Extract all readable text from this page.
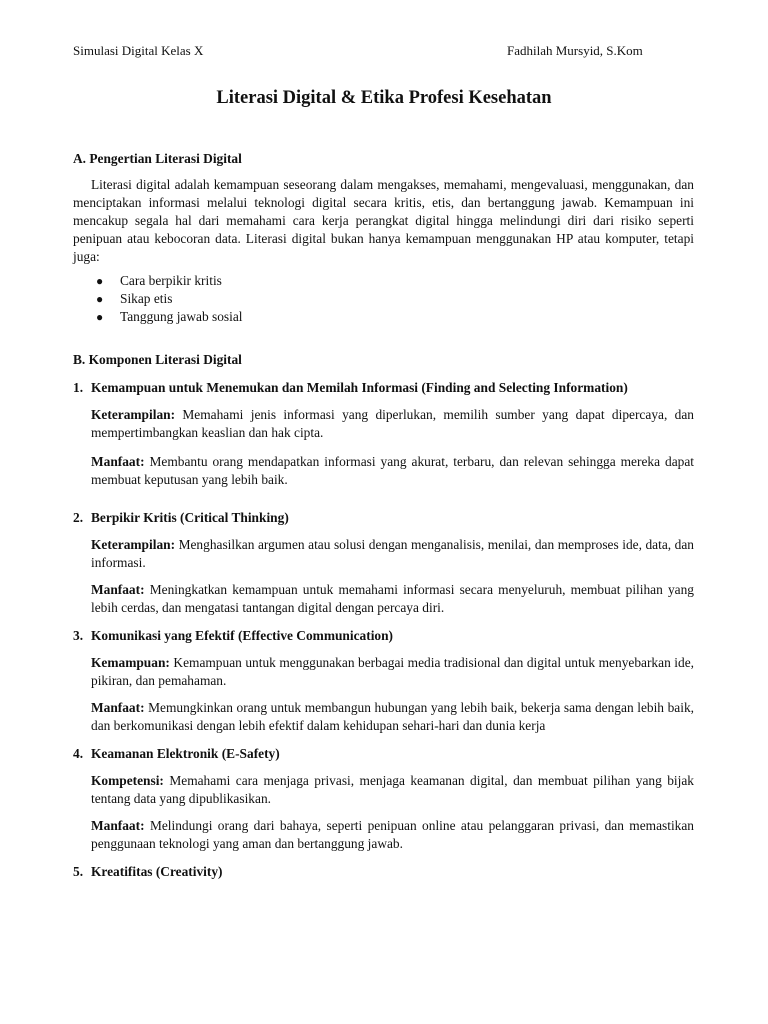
Simulasi Digital Kelas X	Fadhilah Mursyid, S.Kom
Literasi Digital & Etika Profesi Kesehatan

A. Pengertian Literasi Digital

Literasi digital adalah kemampuan seseorang dalam mengakses, memahami, mengevaluasi, menggunakan, dan menciptakan informasi melalui teknologi digital secara kritis, etis, dan bertanggung jawab. Kemampuan ini mencakup segala hal dari memahami cara kerja perangkat digital hingga melindungi diri dari risiko seperti penipuan atau kebocoran data. Literasi digital bukan hanya kemampuan menggunakan HP atau komputer, tetapi juga:

● Cara berpikir kritis
● Sikap etis
● Tanggung jawab sosial

B. Komponen Literasi Digital

1. Kemampuan untuk Menemukan dan Memilah Informasi (Finding and Selecting Information)
Keterampilan: Memahami jenis informasi yang diperlukan, memilih sumber yang dapat dipercaya, dan mempertimbangkan keaslian dan hak cipta.
Manfaat: Membantu orang mendapatkan informasi yang akurat, terbaru, dan relevan sehingga mereka dapat membuat keputusan yang lebih baik.
2. Berpikir Kritis (Critical Thinking)
Keterampilan: Menghasilkan argumen atau solusi dengan menganalisis, menilai, dan memproses ide, data, dan informasi.
Manfaat: Meningkatkan kemampuan untuk memahami informasi secara menyeluruh, membuat pilihan yang lebih cerdas, dan mengatasi tantangan digital dengan percaya diri.
3. Komunikasi yang Efektif (Effective Communication)
Kemampuan: Kemampuan untuk menggunakan berbagai media tradisional dan digital untuk menyebarkan ide, pikiran, dan pemahaman.
Manfaat: Memungkinkan orang untuk membangun hubungan yang lebih baik, bekerja sama dengan lebih baik, dan berkomunikasi dengan lebih efektif dalam kehidupan sehari-hari dan dunia kerja
4. Keamanan Elektronik (E-Safety)
Kompetensi: Memahami cara menjaga privasi, menjaga keamanan digital, dan membuat pilihan yang bijak tentang data yang dipublikasikan.
Manfaat: Melindungi orang dari bahaya, seperti penipuan online atau pelanggaran privasi, dan memastikan penggunaan teknologi yang aman dan bertanggung jawab.
5. Kreatifitas (Creativity)
